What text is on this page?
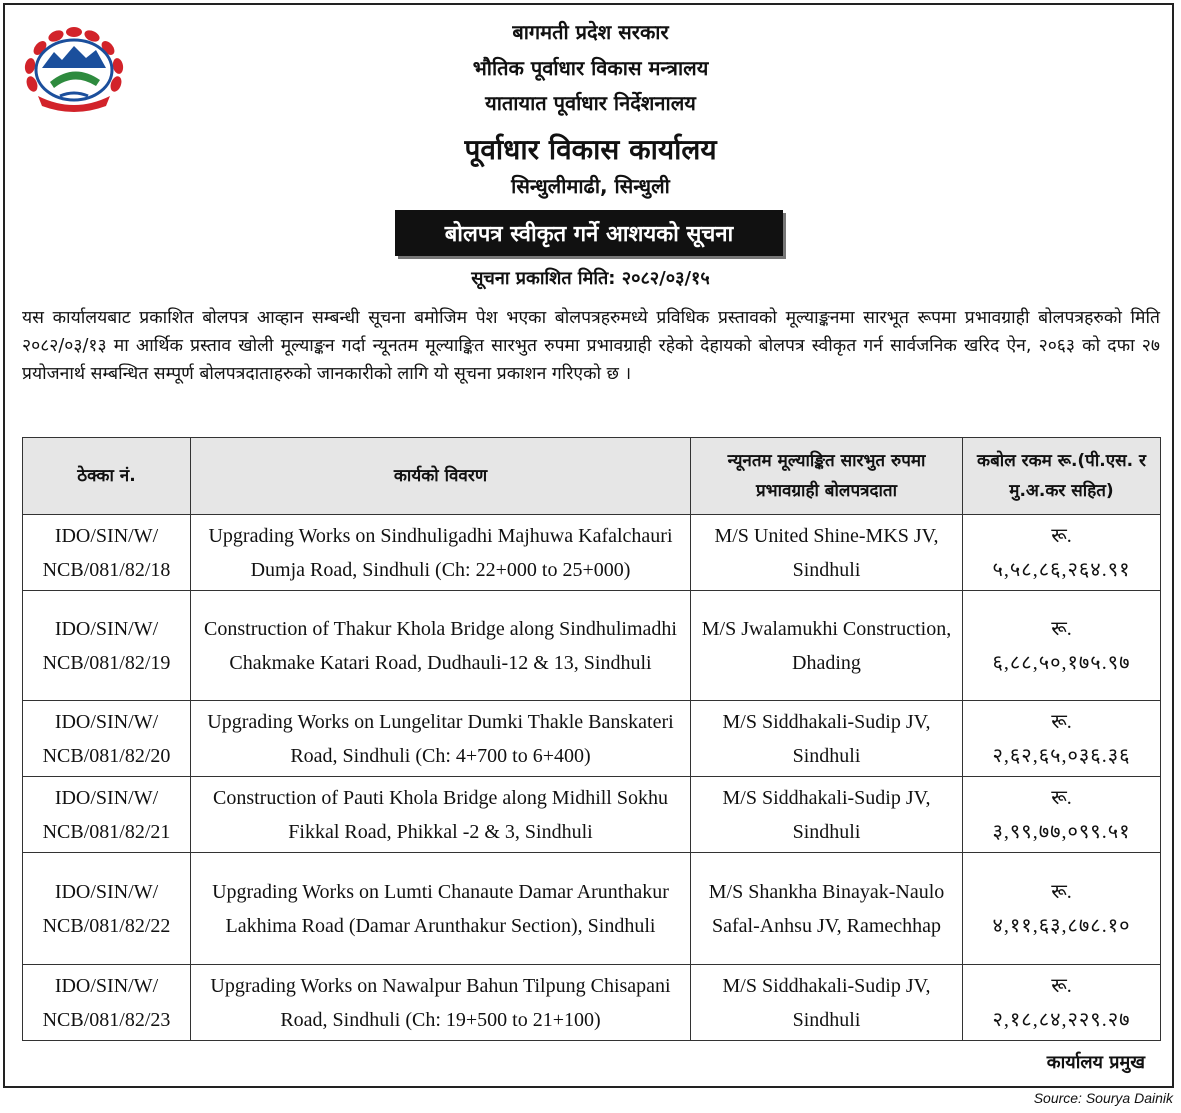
बागमती प्रदेश सरकार
भौतिक पूर्वाधार विकास मन्त्रालय
यातायात पूर्वाधार निर्देशनालय
पूर्वाधार विकास कार्यालय
सिन्धुलीमाढी, सिन्धुली
बोलपत्र स्वीकृत गर्ने आशयको सूचना
सूचना प्रकाशित मिति: २०८२/०३/१५
यस कार्यालयबाट प्रकाशित बोलपत्र आव्हान सम्बन्धी सूचना बमोजिम पेश भएका बोलपत्रहरुमध्ये प्रविधिक प्रस्तावको मूल्याङ्कनमा सारभूत रूपमा प्रभावग्राही बोलपत्रहरुको मिति २०८२/०३/१३ मा आर्थिक प्रस्ताव खोली मूल्याङ्कन गर्दा न्यूनतम मूल्याङ्कित सारभुत रुपमा प्रभावग्राही रहेको देहायको बोलपत्र स्वीकृत गर्न सार्वजनिक खरिद ऐन, २०६३ को दफा २७ प्रयोजनार्थ सम्बन्धित सम्पूर्ण बोलपत्रदाताहरुको जानकारीको लागि यो सूचना प्रकाशन गरिएको छ ।
ठेक्का नं.	कार्यको विवरण	न्यूनतम मूल्याङ्कित सारभुत रुपमा प्रभावग्राही बोलपत्रदाता	कबोल रकम रू.(पी.एस. र मु.अ.कर सहित)
IDO/SIN/W/ NCB/081/82/18	Upgrading Works on Sindhuligadhi Majhuwa Kafalchauri Dumja Road, Sindhuli (Ch: 22+000 to 25+000)	M/S United Shine-MKS JV, Sindhuli	रू.
५,५८,८६,२६४.९१

IDO/SIN/W/ NCB/081/82/19	Construction of Thakur Khola Bridge along Sindhulimadhi Chakmake Katari Road, Dudhauli-12 & 13, Sindhuli	M/S Jwalamukhi Construction, Dhading	रू.
६,८८,५०,१७५.९७

IDO/SIN/W/ NCB/081/82/20	Upgrading Works on Lungelitar Dumki Thakle Banskateri Road, Sindhuli (Ch: 4+700 to 6+400)	M/S Siddhakali-Sudip JV, Sindhuli	रू.
२,६२,६५,०३६.३६

IDO/SIN/W/ NCB/081/82/21	Construction of Pauti Khola Bridge along Midhill Sokhu Fikkal Road, Phikkal -2 & 3, Sindhuli	M/S Siddhakali-Sudip JV, Sindhuli	रू.
३,९९,७७,०९९.५१

IDO/SIN/W/ NCB/081/82/22	Upgrading Works on Lumti Chanaute Damar Arunthakur Lakhima Road (Damar Arunthakur Section), Sindhuli	M/S Shankha Binayak-Naulo Safal-Anhsu JV, Ramechhap	रू.
४,११,६३,८७८.१०

IDO/SIN/W/ NCB/081/82/23	Upgrading Works on Nawalpur Bahun Tilpung Chisapani Road, Sindhuli (Ch: 19+500 to 21+100)	M/S Siddhakali-Sudip JV, Sindhuli	रू.
२,१८,८४,२२९.२७
कार्यालय प्रमुख
Source: Sourya Dainik
